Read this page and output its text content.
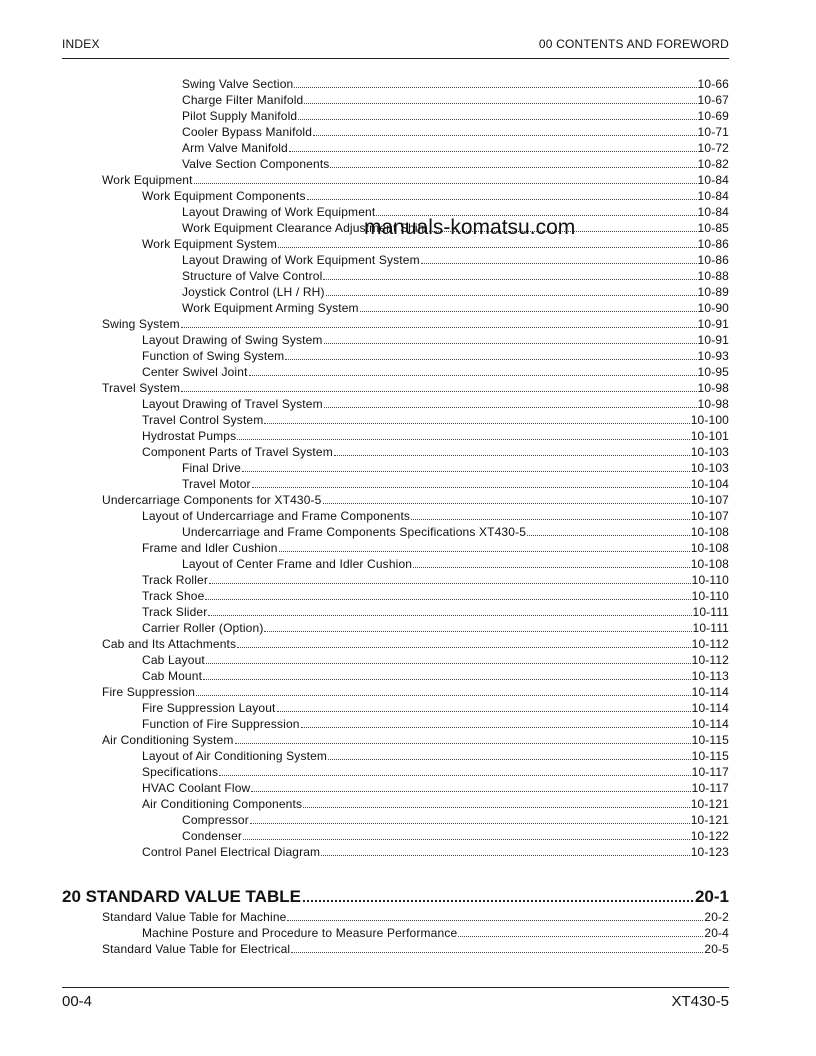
INDEX	00 CONTENTS AND FOREWORD
Swing Valve Section	10-66
Charge Filter Manifold	10-67
Pilot Supply Manifold	10-69
Cooler Bypass Manifold	10-71
Arm Valve Manifold	10-72
Valve Section Components	10-82
Work Equipment	10-84
Work Equipment Components	10-84
Layout Drawing of Work Equipment	10-84
Work Equipment Clearance Adjustment Shim	10-85
Work Equipment System	10-86
Layout Drawing of Work Equipment System	10-86
Structure of Valve Control	10-88
Joystick Control (LH / RH)	10-89
Work Equipment Arming System	10-90
Swing System	10-91
Layout Drawing of Swing System	10-91
Function of Swing System	10-93
Center Swivel Joint	10-95
Travel System	10-98
Layout Drawing of Travel System	10-98
Travel Control System	10-100
Hydrostat Pumps	10-101
Component Parts of Travel System	10-103
Final Drive	10-103
Travel Motor	10-104
Undercarriage Components for XT430-5	10-107
Layout of Undercarriage and Frame Components	10-107
Undercarriage and Frame Components Specifications XT430-5	10-108
Frame and Idler Cushion	10-108
Layout of Center Frame and Idler Cushion	10-108
Track Roller	10-110
Track Shoe	10-110
Track Slider	10-111
Carrier Roller (Option)	10-111
Cab and Its Attachments	10-112
Cab Layout	10-112
Cab Mount	10-113
Fire Suppression	10-114
Fire Suppression Layout	10-114
Function of Fire Suppression	10-114
Air Conditioning System	10-115
Layout of Air Conditioning System	10-115
Specifications	10-117
HVAC Coolant Flow	10-117
Air Conditioning Components	10-121
Compressor	10-121
Condenser	10-122
Control Panel Electrical Diagram	10-123
manuals-komatsu.com
20 STANDARD VALUE TABLE	20-1
Standard Value Table for Machine	20-2
Machine Posture and Procedure to Measure Performance	20-4
Standard Value Table for Electrical	20-5
00-4	XT430-5
